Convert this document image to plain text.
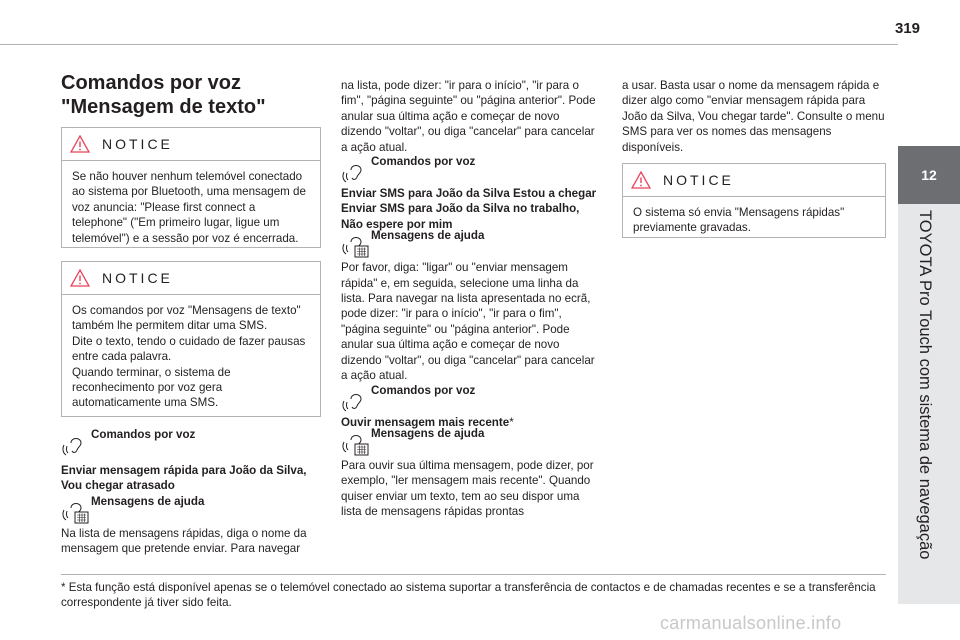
319
12
TOYOTA Pro Touch com sistema de navegação
Comandos por voz "Mensagem de texto"
NOTICE

Se não houver nenhum telemóvel conectado ao sistema por Bluetooth, uma mensagem de voz anuncia: "Please first connect a telephone" ("Em primeiro lugar, ligue um telemóvel") e a sessão por voz é encerrada.

NOTICE

Os comandos por voz "Mensagens de texto" também lhe permitem ditar uma SMS.

Dite o texto, tendo o cuidado de fazer pausas entre cada palavra.

Quando terminar, o sistema de reconhecimento por voz gera automaticamente uma SMS.

Comandos por voz

Enviar mensagem rápida para João da Silva, Vou chegar atrasado

Mensagens de ajuda

Na lista de mensagens rápidas, diga o nome da mensagem que pretende enviar. Para navegar

na lista, pode dizer: "ir para o início", "ir para o fim", "página seguinte" ou "página anterior". Pode anular sua última ação e começar de novo dizendo "voltar", ou diga "cancelar" para cancelar a ação atual.

Comandos por voz

Enviar SMS para João da Silva Estou a chegar

Enviar SMS para João da Silva no trabalho, Não espere por mim

Mensagens de ajuda

Por favor, diga: "ligar" ou "enviar mensagem rápida" e, em seguida, selecione uma linha da lista. Para navegar na lista apresentada no ecrã, pode dizer: "ir para o início", "ir para o fim", "página seguinte" ou "página anterior". Pode anular sua última ação e começar de novo dizendo "voltar", ou diga "cancelar" para cancelar a ação atual.

Comandos por voz

Ouvir mensagem mais recente*

Mensagens de ajuda

Para ouvir sua última mensagem, pode dizer, por exemplo, "ler mensagem mais recente". Quando quiser enviar um texto, tem ao seu dispor uma lista de mensagens rápidas prontas

a usar. Basta usar o nome da mensagem rápida e dizer algo como "enviar mensagem rápida para João da Silva, Vou chegar tarde". Consulte o menu SMS para ver os nomes das mensagens disponíveis.

NOTICE

O sistema só envia "Mensagens rápidas" previamente gravadas.

* Esta função está disponível apenas se o telemóvel conectado ao sistema suportar a transferência de contactos e de chamadas recentes e se a transferência correspondente já tiver sido feita.
carmanualsonline.info
